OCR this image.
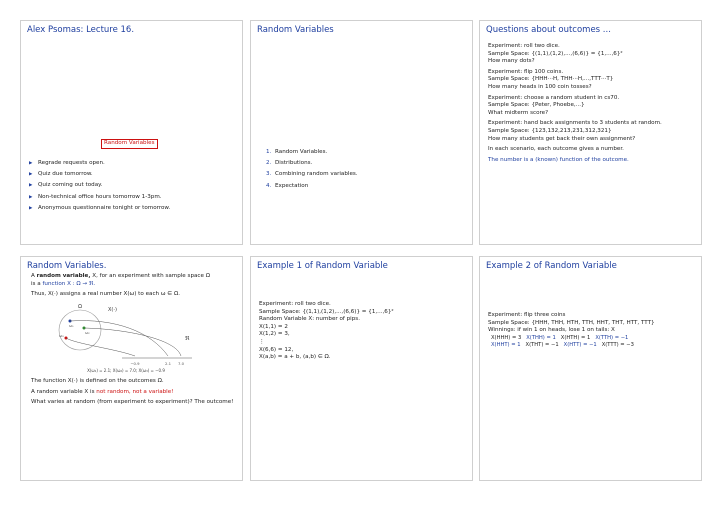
Alex Psomas: Lecture 16.
Random Variables
▶ Regrade requests open.
▶ Quiz due tomorrow.
▶ Quiz coming out today.
▶ Non-technical office hours tomorrow 1-3pm.
▶ Anonymous questionnaire tonight or tomorrow.
Random Variables
1. Random Variables.
2. Distributions.
3. Combining random variables.
4. Expectation
Questions about outcomes ...
Experiment: roll two dice.
Sample Space: {(1,1),(1,2),...,(6,6)} = {1,...,6}²
How many dots?
Experiment: flip 100 coins.
Sample Space: {HHH···H, THH···H,...,TTT···T}
How many heads in 100 coin tosses?
Experiment: choose a random student in cs70.
Sample Space: {Peter, Phoebe,...}
What midterm score?
Experiment: hand back assignments to 3 students at random.
Sample Space: {123,132,213,231,312,321}
How many students get back their own assignment?
In each scenario, each outcome gives a number.
The number is a (known) function of the outcome.
Random Variables.
A random variable, X, for an experiment with sample space Ω
is a function X : Ω → ℜ.
Thus, X(·) assigns a real number X(ω) to each ω ∈ Ω.
Ω	X(·)
ω₁
ω₂
ω₃
ℜ
−0.9	2.1 7.0
X(ω₁) = 2.1; X(ω₂) = 7.0; X(ω₃) = −0.9
The function X(·) is defined on the outcomes Ω.
A random variable X is not random, not a variable!
What varies at random (from experiment to experiment)? The outcome!
Example 1 of Random Variable
Experiment: roll two dice.
Sample Space: {(1,1),(1,2),...,(6,6)} = {1,...,6}²
Random Variable X: number of pips.
X(1,1) = 2
X(1,2) = 3,
⋮
X(6,6) = 12,
X(a,b) = a + b, (a,b) ∈ Ω.
Example 2 of Random Variable
Experiment: flip three coins
Sample Space: {HHH, THH, HTH, TTH, HHT, THT, HTT, TTT}
Winnings: if win 1 on heads, lose 1 on tails: X
X(HHH) = 3 X(THH) = 1 X(HTH) = 1 X(TTH) = −1
X(HHT) = 1 X(THT) = −1 X(HTT) = −1 X(TTT) = −3
